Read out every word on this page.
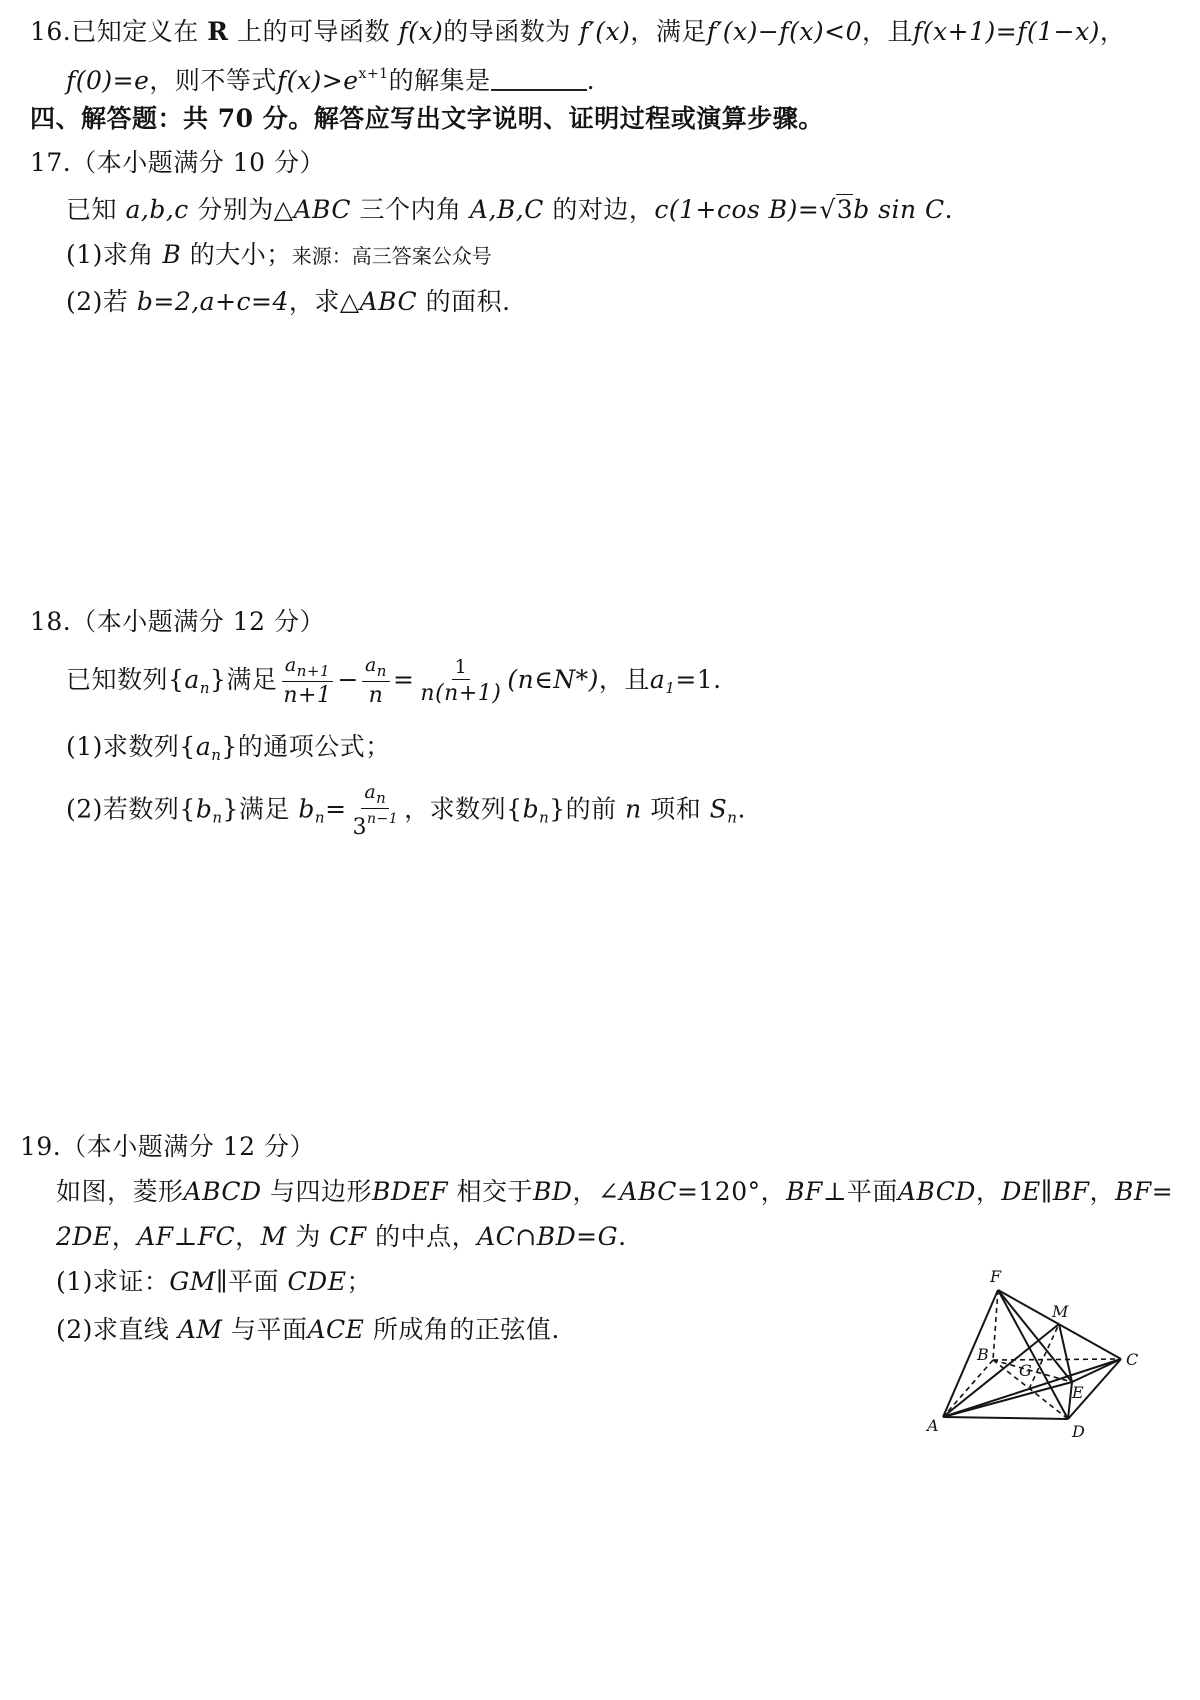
16.已知定义在 R 上的可导函数 f(x)的导函数为 f′(x)，满足f′(x)−f(x)<0，且f(x+1)=f(1−x)，
f(0)=e，则不等式$f(x)>e^{x+1}$的解集是	.
四、解答题：共 70 分。解答应写出文字说明、证明过程或演算步骤。
17.（本小题满分 10 分）
已知 a,b,c 分别为△ABC 三个内角 A,B,C 的对边，c(1+cos B)=√3b sin C.
(1)求角 B 的大小；来源：高三答案公众号
(2)若 b=2,a+c=4，求△ABC 的面积.
18.（本小题满分 12 分）
已知数列$\{a_n\}$满足 $\frac{a_{n+1}}{n+1} - \frac{a_n}{n} = \frac{1}{n(n+1)}$ (n∈N*)，且$a_1=1$.
(1)求数列$\{a_n\}$的通项公式；
(2)若数列$\{b_n\}$满足 $b_n= \frac{a_n}{3^{n-1}}$ ，求数列$\{b_n\}$的前 n 项和 $S_n$.
19.（本小题满分 12 分）
如图，菱形ABCD 与四边形BDEF 相交于BD，∠ABC=120°，BF⊥平面ABCD，DE∥BF，BF=
2DE，AF⊥FC，M 为 CF 的中点，AC∩BD=G.
(1)求证：GM∥平面 CDE；
(2)求直线 AM 与平面ACE 所成角的正弦值.
F
M
B
G
C
E
A	D
